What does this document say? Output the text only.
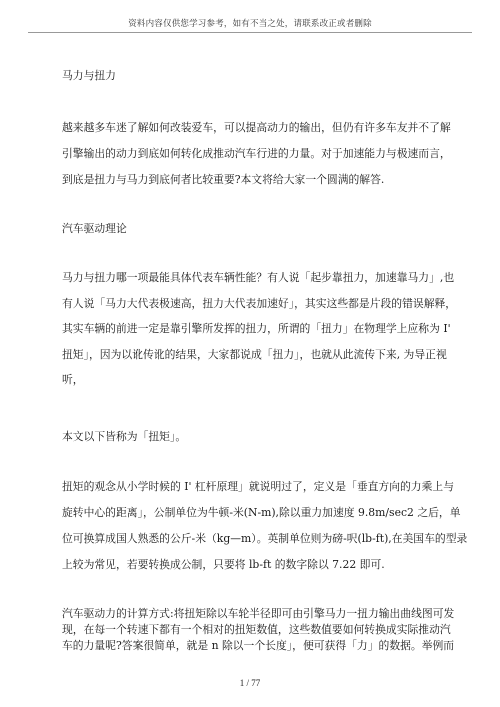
资料内容仅供您学习参考，如有不当之处，请联系改正或者删除
马力与扭力
越来越多车迷了解如何改装爱车，可以提高动力的输出，但仍有许多车友并不了解
引擎输出的动力到底如何转化成推动汽车行进的力量。对于加速能力与极速而言，
到底是扭力与马力到底何者比较重要?本文将给大家一个圆满的解答.
汽车驱动理论
马力与扭力哪一项最能具体代表车辆性能？有人说「起步靠扭力，加速靠马力」,也
有人说「马力大代表极速高，扭力大代表加速好」，其实这些都是片段的错误解释，
其实车辆的前进一定是靠引擎所发挥的扭力，所谓的「扭力」在物理学上应称为 I'
扭矩」，因为以讹传讹的结果，大家都说成「扭力」，也就从此流传下来, 为导正视
听，
本文以下皆称为「扭矩」。
扭矩的观念从小学时候的 I' 杠杆原理」就说明过了，定义是「垂直方向的力乘上与
旋转中心的距离」，公制单位为牛顿-米(N-m),除以重力加速度 9.8m/sec2 之后，单
位可换算成国人熟悉的公斤-米（kg—m）。英制单位则为磅-呎(lb-ft),在美国车的型录
上较为常见，若要转换成公制，只要将 lb-ft 的数字除以 7.22 即可.
汽车驱动力的计算方式:将扭矩除以车轮半径即可由引擎马力一扭力输出曲线图可发
现，在每一个转速下都有一个相对的扭矩数值，这些数值要如何转换成实际推动汽
车的力量呢?答案很简单，就是 n 除以一个长度」，便可获得「力」的数据。举例而
1 / 77
